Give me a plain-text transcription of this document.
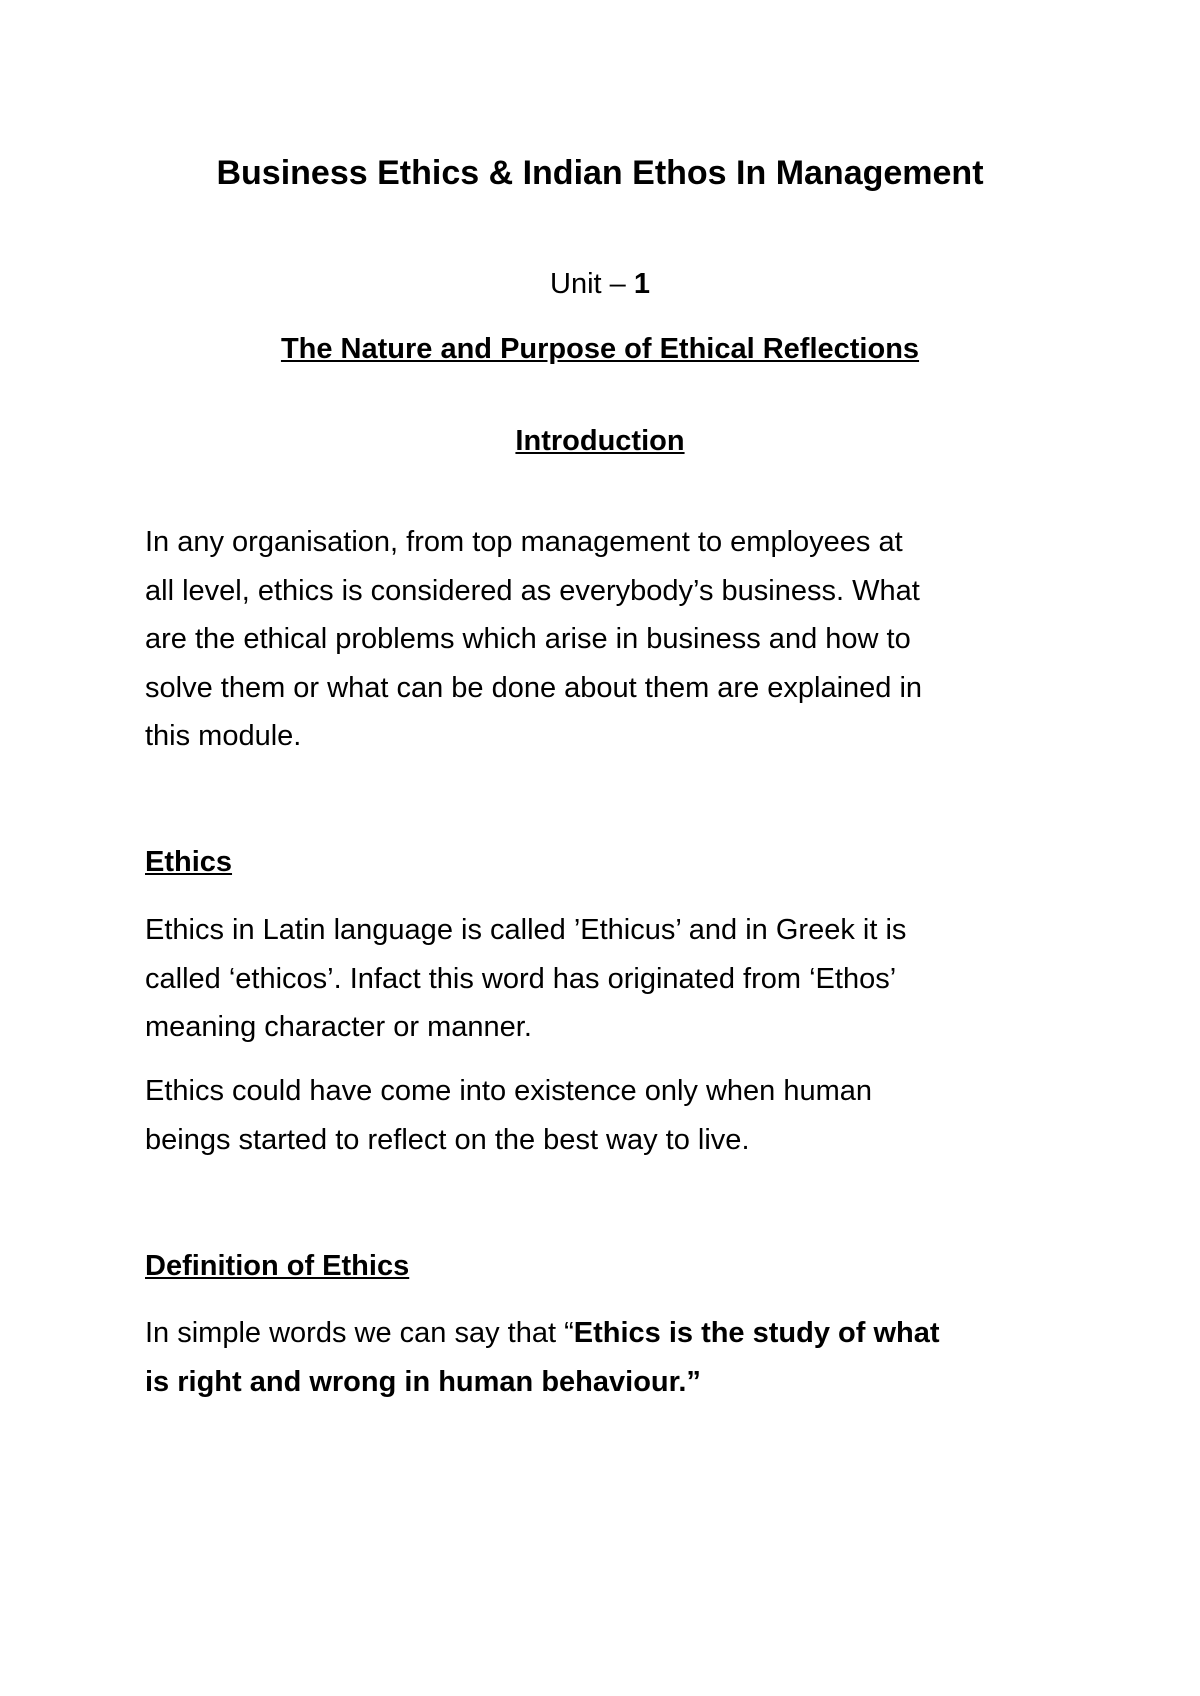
Business Ethics & Indian Ethos In Management
Unit – 1
The Nature and Purpose of Ethical Reflections
Introduction

In any organisation, from top management to employees at
all level, ethics is considered as everybody’s business. What
are the ethical problems which arise in business and how to
solve them or what can be done about them are explained in
this module.

Ethics

Ethics in Latin language is called ’Ethicus’ and in Greek it is
called ‘ethicos’. Infact this word has originated from ‘Ethos’
meaning character or manner.

Ethics could have come into existence only when human
beings started to reflect on the best way to live.

Definition of Ethics

In simple words we can say that “Ethics is the study of what
is right and wrong in human behaviour.”
